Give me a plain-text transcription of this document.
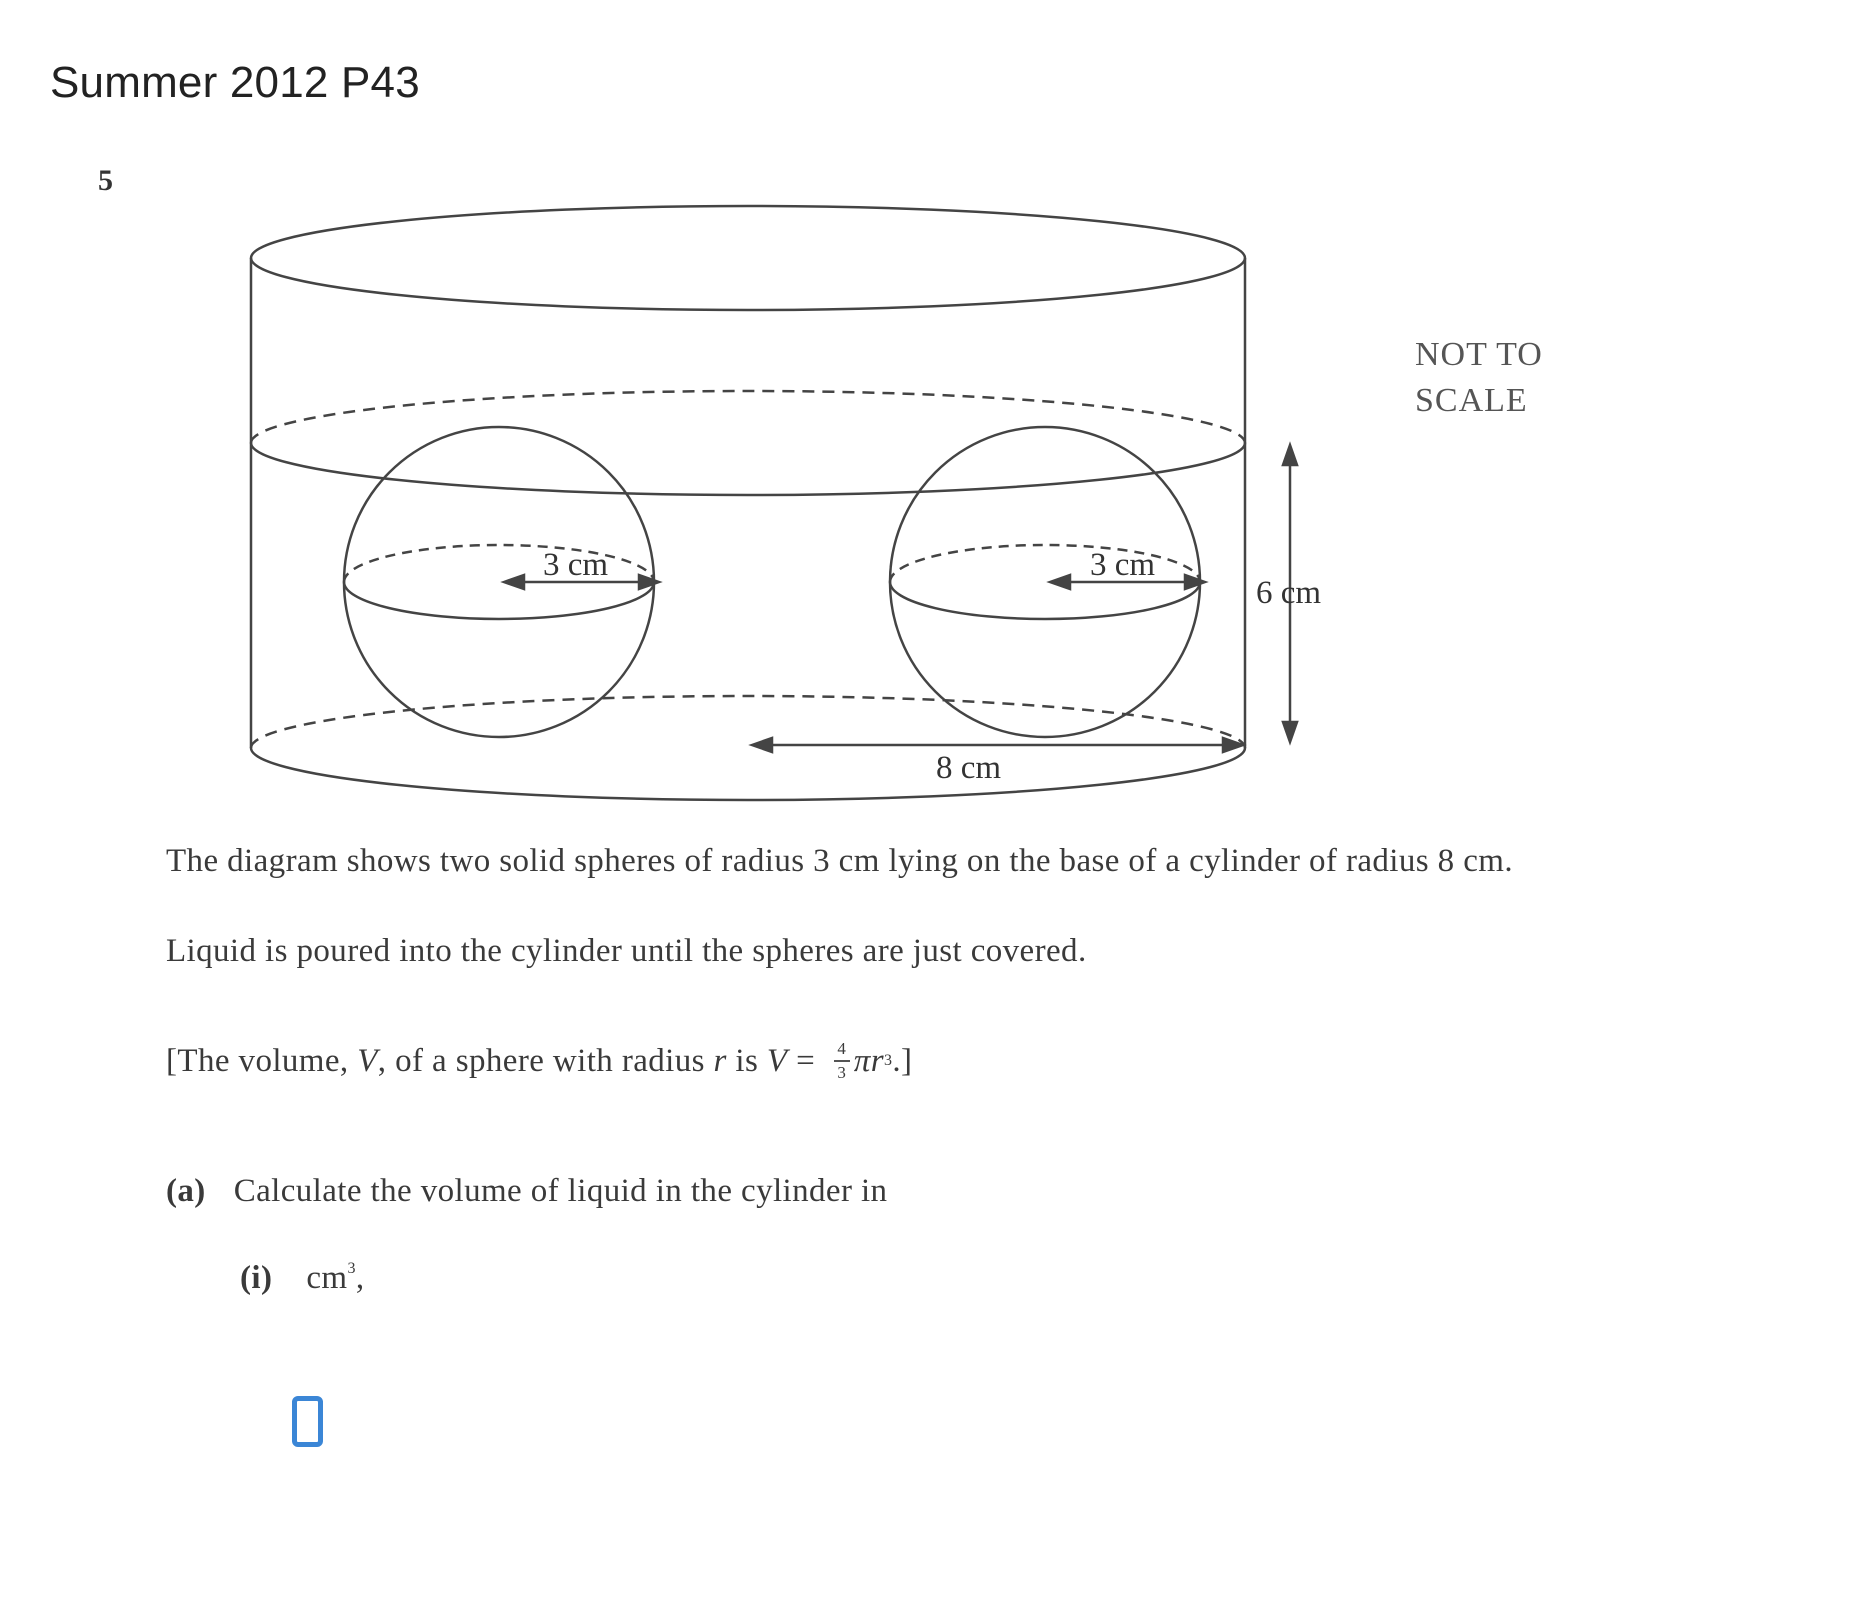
Summer 2012 P43
5
3 cm	3 cm
6 cm
8 cm
NOT TO
SCALE
The diagram shows two solid spheres of radius 3 cm lying on the base of a cylinder of radius 8 cm.
Liquid is poured into the cylinder until the spheres are just covered.
[The volume, V , of a sphere with radius r is $V = \frac{4}{3}$ πr 3 .]
(a) Calculate the volume of liquid in the cylinder in
(i) cm 3 ,
